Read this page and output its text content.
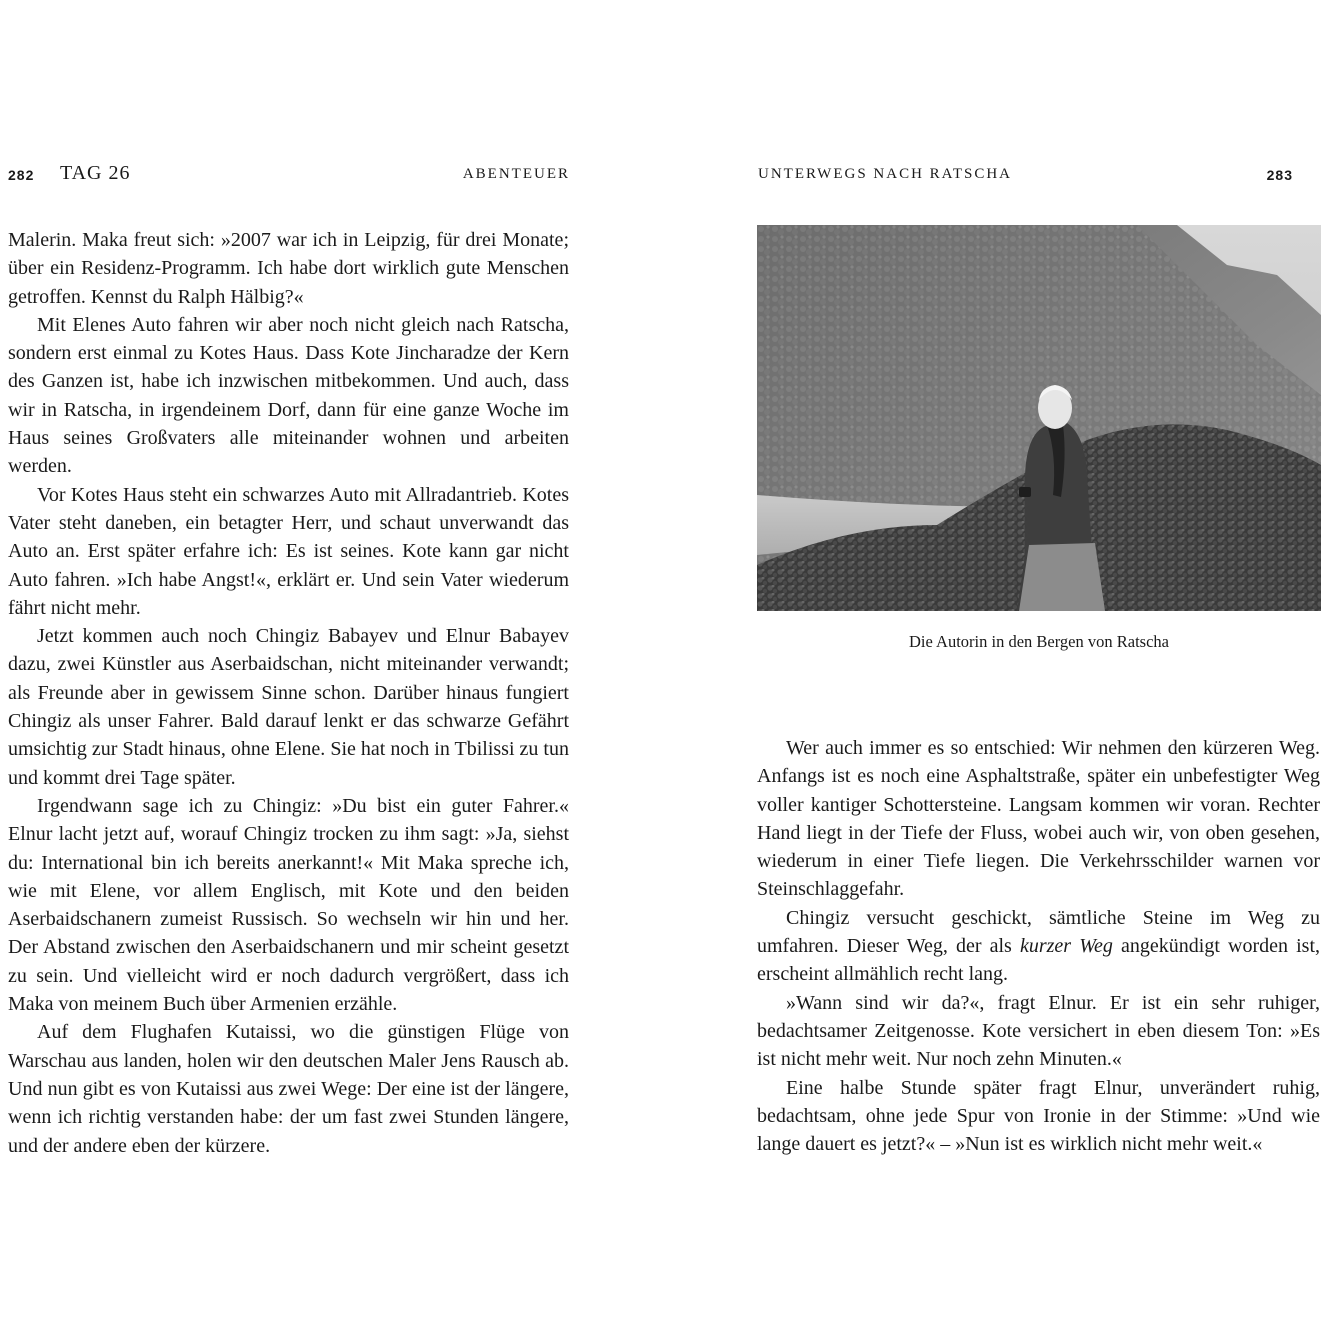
282 TAG 26	ABENTEUER

Malerin. Maka freut sich: »2007 war ich in Leipzig, für drei Monate; über ein Residenz-Programm. Ich habe dort wirklich gute Menschen getroffen. Kennst du Ralph Hälbig?«

Mit Elenes Auto fahren wir aber noch nicht gleich nach Ratscha, sondern erst einmal zu Kotes Haus. Dass Kote Jincharadze der Kern des Ganzen ist, habe ich inzwischen mitbekommen. Und auch, dass wir in Ratscha, in irgendeinem Dorf, dann für eine ganze Woche im Haus seines Großvaters alle miteinander wohnen und arbeiten werden.

Vor Kotes Haus steht ein schwarzes Auto mit Allradantrieb. Kotes Vater steht daneben, ein betagter Herr, und schaut unverwandt das Auto an. Erst später erfahre ich: Es ist seines. Kote kann gar nicht Auto fahren. »Ich habe Angst!«, erklärt er. Und sein Vater wiederum fährt nicht mehr.

Jetzt kommen auch noch Chingiz Babayev und Elnur Babayev dazu, zwei Künstler aus Aserbaidschan, nicht miteinander verwandt; als Freunde aber in gewissem Sinne schon. Darüber hinaus fungiert Chingiz als unser Fahrer. Bald darauf lenkt er das schwarze Gefährt umsichtig zur Stadt hinaus, ohne Elene. Sie hat noch in Tbilissi zu tun und kommt drei Tage später.

Irgendwann sage ich zu Chingiz: »Du bist ein guter Fahrer.« Elnur lacht jetzt auf, worauf Chingiz trocken zu ihm sagt: »Ja, siehst du: International bin ich bereits anerkannt!« Mit Maka spreche ich, wie mit Elene, vor allem Englisch, mit Kote und den beiden Aserbaidschanern zumeist Russisch. So wechseln wir hin und her. Der Abstand zwischen den Aserbaidschanern und mir scheint gesetzt zu sein. Und vielleicht wird er noch dadurch vergrößert, dass ich Maka von meinem Buch über Armenien erzähle.

Auf dem Flughafen Kutaissi, wo die günstigen Flüge von Warschau aus landen, holen wir den deutschen Maler Jens Rausch ab. Und nun gibt es von Kutaissi aus zwei Wege: Der eine ist der längere, wenn ich richtig verstanden habe: der um fast zwei Stunden längere, und der andere eben der kürzere.

UNTERWEGS NACH RATSCHA	283
Die Autorin in den Bergen von Ratscha

Wer auch immer es so entschied: Wir nehmen den kürzeren Weg. Anfangs ist es noch eine Asphaltstraße, später ein unbefestigter Weg voller kantiger Schottersteine. Langsam kommen wir voran. Rechter Hand liegt in der Tiefe der Fluss, wobei auch wir, von oben gesehen, wiederum in einer Tiefe liegen. Die Verkehrsschilder warnen vor Steinschlaggefahr.

Chingiz versucht geschickt, sämtliche Steine im Weg zu umfahren. Dieser Weg, der als kurzer Weg angekündigt worden ist, erscheint allmählich recht lang.

»Wann sind wir da?«, fragt Elnur. Er ist ein sehr ruhiger, bedachtsamer Zeitgenosse. Kote versichert in eben diesem Ton: »Es ist nicht mehr weit. Nur noch zehn Minuten.«

Eine halbe Stunde später fragt Elnur, unverändert ruhig, bedachtsam, ohne jede Spur von Ironie in der Stimme: »Und wie lange dauert es jetzt?« – »Nun ist es wirklich nicht mehr weit.«
